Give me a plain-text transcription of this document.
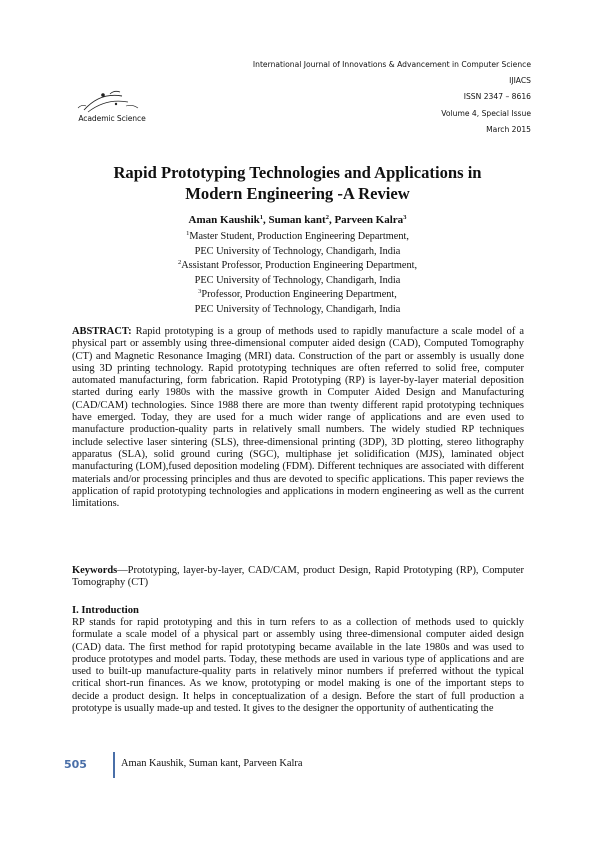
International Journal of Innovations & Advancement in Computer Science
IJIACS
ISSN 2347 – 8616
Volume 4, Special Issue
March 2015
Academic Science
Rapid Prototyping Technologies and Applications in
Modern Engineering -A Review
Aman Kaushik$^1$, Suman kant$^2$, Parveen Kalra$^3$
$^1$Master Student, Production Engineering Department,
PEC University of Technology, Chandigarh, India
$^2$Assistant Professor, Production Engineering Department,
PEC University of Technology, Chandigarh, India
$^3$Professor, Production Engineering Department,
PEC University of Technology, Chandigarh, India
ABSTRACT: Rapid prototyping is a group of methods used to rapidly manufacture a scale model of a physical part or assembly using three-dimensional computer aided design (CAD), Computed Tomography (CT) and Magnetic Resonance Imaging (MRI) data. Construction of the part or assembly is usually done using 3D printing technology. Rapid prototyping techniques are often referred to solid free, computer automated manufacturing, form fabrication. Rapid Prototyping (RP) is layer-by-layer material deposition started during early 1980s with the massive growth in Computer Aided Design and Manufacturing (CAD/CAM) technologies. Since 1988 there are more than twenty different rapid prototyping techniques have emerged. Today, they are used for a much wider range of applications and are even used to manufacture production-quality parts in relatively small numbers. The widely studied RP techniques include selective laser sintering (SLS), three-dimensional printing (3DP), 3D plotting, stereo lithography apparatus (SLA), solid ground curing (SGC), multiphase jet solidification (MJS), laminated object manufacturing (LOM),fused deposition modeling (FDM). Different techniques are associated with different materials and/or processing principles and thus are devoted to specific applications. This paper reviews the application of rapid prototyping technologies and applications in modern engineering as well as the current limitations.
Keywords—Prototyping, layer-by-layer, CAD/CAM, product Design, Rapid Prototyping (RP), Computer Tomography (CT)
I. Introduction
RP stands for rapid prototyping and this in turn refers to as a collection of methods used to quickly formulate a scale model of a physical part or assembly using three-dimensional computer aided design (CAD) data. The first method for rapid prototyping became available in the late 1980s and was used to produce prototypes and model parts. Today, these methods are used in various type of applications and are used to built-up manufacture-quality parts in relatively minor numbers if preferred without the typical critical short-run finances. As we know, prototyping or model making is one of the important steps to decide a product design. It helps in conceptualization of a design. Before the start of full production a prototype is usually made-up and tested. It gives to the designer the opportunity of authenticating the
505	Aman Kaushik, Suman kant, Parveen Kalra
